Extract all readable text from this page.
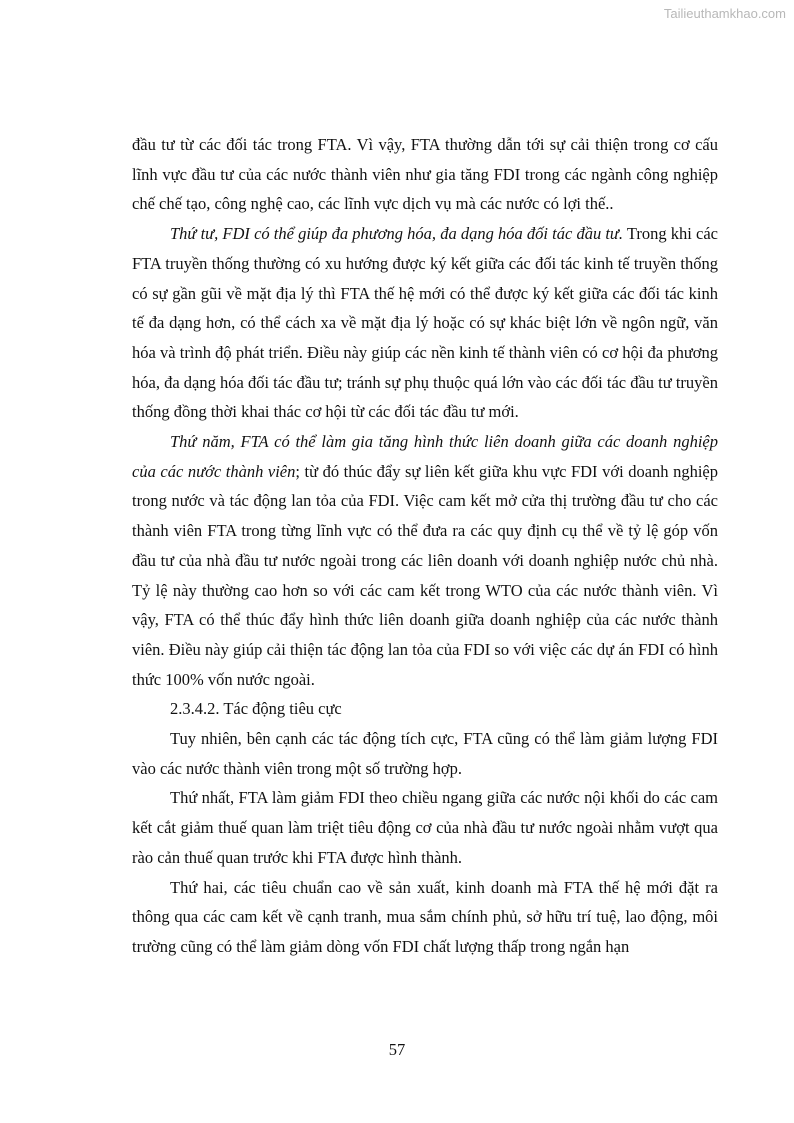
Tailieuthamkhao.com

đầu tư từ các đối tác trong FTA. Vì vậy, FTA thường dẫn tới sự cải thiện trong cơ cấu lĩnh vực đầu tư của các nước thành viên như gia tăng FDI trong các ngành công nghiệp chế chế tạo, công nghệ cao, các lĩnh vực dịch vụ mà các nước có lợi thế..

Thứ tư, FDI có thể giúp đa phương hóa, đa dạng hóa đối tác đầu tư. Trong khi các FTA truyền thống thường có xu hướng được ký kết giữa các đối tác kinh tế truyền thống có sự gần gũi về mặt địa lý thì FTA thế hệ mới có thể được ký kết giữa các đối tác kinh tế đa dạng hơn, có thể cách xa về mặt địa lý hoặc có sự khác biệt lớn về ngôn ngữ, văn hóa và trình độ phát triển. Điều này giúp các nền kinh tế thành viên có cơ hội đa phương hóa, đa dạng hóa đối tác đầu tư; tránh sự phụ thuộc quá lớn vào các đối tác đầu tư truyền thống đồng thời khai thác cơ hội từ các đối tác đầu tư mới.

Thứ năm, FTA có thể làm gia tăng hình thức liên doanh giữa các doanh nghiệp của các nước thành viên; từ đó thúc đẩy sự liên kết giữa khu vực FDI với doanh nghiệp trong nước và tác động lan tỏa của FDI. Việc cam kết mở cửa thị trường đầu tư cho các thành viên FTA trong từng lĩnh vực có thể đưa ra các quy định cụ thể về tỷ lệ góp vốn đầu tư của nhà đầu tư nước ngoài trong các liên doanh với doanh nghiệp nước chủ nhà. Tỷ lệ này thường cao hơn so với các cam kết trong WTO của các nước thành viên. Vì vậy, FTA có thể thúc đẩy hình thức liên doanh giữa doanh nghiệp của các nước thành viên. Điều này giúp cải thiện tác động lan tỏa của FDI so với việc các dự án FDI có hình thức 100% vốn nước ngoài.

2.3.4.2. Tác động tiêu cực

Tuy nhiên, bên cạnh các tác động tích cực, FTA cũng có thể làm giảm lượng FDI vào các nước thành viên trong một số trường hợp.

Thứ nhất, FTA làm giảm FDI theo chiều ngang giữa các nước nội khối do các cam kết cắt giảm thuế quan làm triệt tiêu động cơ của nhà đầu tư nước ngoài nhằm vượt qua rào cản thuế quan trước khi FTA được hình thành.

Thứ hai, các tiêu chuẩn cao về sản xuất, kinh doanh mà FTA thế hệ mới đặt ra thông qua các cam kết về cạnh tranh, mua sắm chính phủ, sở hữu trí tuệ, lao động, môi trường cũng có thể làm giảm dòng vốn FDI chất lượng thấp trong ngắn hạn

57
